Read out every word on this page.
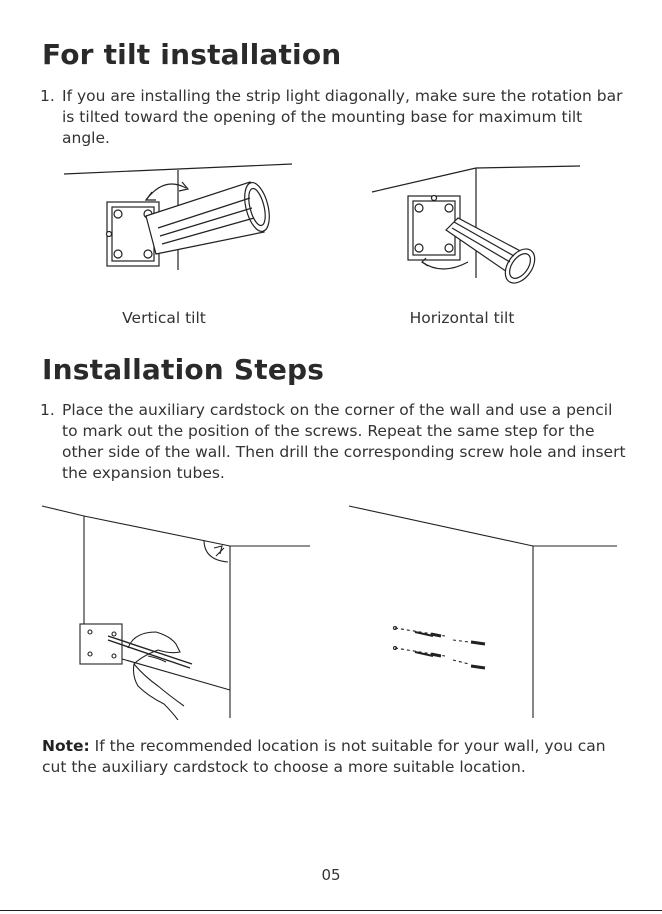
For tilt installation
1. If you are installing the strip light diagonally, make sure the rotation bar is tilted toward the opening of the mounting base for maximum tilt angle.
Vertical tilt	Horizontal tilt
Installation Steps
1. Place the auxiliary cardstock on the corner of the wall and use a pencil to mark out the position of the screws. Repeat the same step for the other side of the wall. Then drill the corresponding screw hole and insert the expansion tubes.
Note: If the recommended location is not suitable for your wall, you can cut the auxiliary cardstock to choose a more suitable location.
05
